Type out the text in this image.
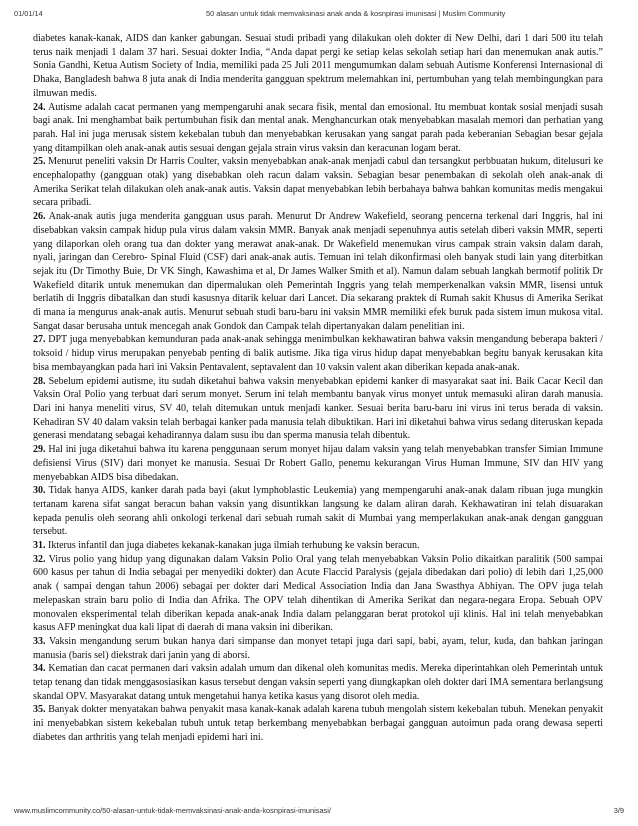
01/01/14	50 alasan untuk tidak memvaksinasi anak anda & kosnpirasi imunisasi | Muslim Community

diabetes kanak-kanak, AIDS dan kanker gabungan. Sesuai studi pribadi yang dilakukan oleh dokter di New Delhi, dari 1 dari 500 itu telah terus naik menjadi 1 dalam 37 hari. Sesuai dokter India, “Anda dapat pergi ke setiap kelas sekolah setiap hari dan menemukan anak autis.” Sonia Gandhi, Ketua Autism Society of India, memiliki pada 25 Juli 2011 mengumumkan dalam sebuah Autisme Konferensi Internasional di Dhaka, Bangladesh bahwa 8 juta anak di India menderita gangguan spektrum melemahkan ini, pertumbuhan yang telah membingungkan para ilmuwan medis.

24. Autisme adalah cacat permanen yang mempengaruhi anak secara fisik, mental dan emosional. Itu membuat kontak sosial menjadi susah bagi anak. Ini menghambat baik pertumbuhan fisik dan mental anak. Menghancurkan otak menyebabkan masalah memori dan perhatian yang parah. Hal ini juga merusak sistem kekebalan tubuh dan menyebabkan kerusakan yang sangat parah pada keberanian Sebagian besar gejala yang ditampilkan oleh anak-anak autis sesuai dengan gejala strain virus vaksin dan keracunan logam berat.

25. Menurut peneliti vaksin Dr Harris Coulter, vaksin menyebabkan anak-anak menjadi cabul dan tersangkut perbbuatan hukum, ditelusuri ke encephalopathy (gangguan otak) yang disebabkan oleh racun dalam vaksin. Sebagian besar penembakan di sekolah oleh anak-anak di Amerika Serikat telah dilakukan oleh anak-anak autis. Vaksin dapat menyebabkan lebih berbahaya bahwa bahkan komunitas medis mengakui secara pribadi.

26. Anak-anak autis juga menderita gangguan usus parah. Menurut Dr Andrew Wakefield, seorang pencerna terkenal dari Inggris, hal ini disebabkan vaksin campak hidup pula virus dalam vaksin MMR. Banyak anak menjadi sepenuhnya autis setelah diberi vaksin MMR, seperti yang dilaporkan oleh orang tua dan dokter yang merawat anak-anak. Dr Wakefield menemukan virus campak strain vaksin dalam darah, nyali, jaringan dan Cerebro- Spinal Fluid (CSF) dari anak-anak autis. Temuan ini telah dikonfirmasi oleh banyak studi lain yang diterbitkan sejak itu (Dr Timothy Buie, Dr VK Singh, Kawashima et al, Dr James Walker Smith et al). Namun dalam sebuah langkah bermotif politik Dr Wakefield ditarik untuk menemukan dan dipermalukan oleh Pemerintah Inggris yang telah memperkenalkan vaksin MMR, lisensi untuk berlatih di Inggris dibatalkan dan studi kasusnya ditarik keluar dari Lancet. Dia sekarang praktek di Rumah sakit Khusus di Amerika Serikat di mana ia mengurus anak-anak autis. Menurut sebuah studi baru-baru ini vaksin MMR memiliki efek buruk pada sistem imun mukosa vital. Sangat dasar berusaha untuk mencegah anak Gondok dan Campak telah dipertanyakan dalam penelitian ini.

27. DPT juga menyebabkan kemunduran pada anak-anak sehingga menimbulkan kekhawatiran bahwa vaksin mengandung beberapa bakteri / toksoid / hidup virus merupakan penyebab penting di balik autisme. Jika tiga virus hidup dapat menyebabkan begitu banyak kerusakan kita bisa membayangkan pada hari ini Vaksin Pentavalent, septavalent dan 10 vaksin valent akan diberikan kepada anak-anak.

28. Sebelum epidemi autisme, itu sudah diketahui bahwa vaksin menyebabkan epidemi kanker di masyarakat saat ini. Baik Cacar Kecil dan Vaksin Oral Polio yang terbuat dari serum monyet. Serum ini telah membantu banyak virus monyet untuk memasuki aliran darah manusia. Dari ini hanya meneliti virus, SV 40, telah ditemukan untuk menjadi kanker. Sesuai berita baru-baru ini virus ini terus berada di vaksin. Kehadiran SV 40 dalam vaksin telah berbagai kanker pada manusia telah dibuktikan. Hari ini diketahui bahwa virus sedang diteruskan kepada generasi mendatang sebagai kehadirannya dalam susu ibu dan sperma manusia telah dibentuk.

29. Hal ini juga diketahui bahwa itu karena penggunaan serum monyet hijau dalam vaksin yang telah menyebabkan transfer Simian Immune defisiensi Virus (SIV) dari monyet ke manusia. Sesuai Dr Robert Gallo, penemu kekurangan Virus Human Immune, SIV dan HIV yang menyebabkan AIDS bisa dibedakan.

30. Tidak hanya AIDS, kanker darah pada bayi (akut lymphoblastic Leukemia) yang mempengaruhi anak-anak dalam ribuan juga mungkin tertanam karena sifat sangat beracun bahan vaksin yang disuntikkan langsung ke dalam aliran darah. Kekhawatiran ini telah disuarakan kepada penulis oleh seorang ahli onkologi terkenal dari sebuah rumah sakit di Mumbai yang memperlakukan anak-anak dengan gangguan tersebut.

31. Ikterus infantil dan juga diabetes kekanak-kanakan juga ilmiah terhubung ke vaksin beracun.

32. Virus polio yang hidup yang digunakan dalam Vaksin Polio Oral yang telah menyebabkan Vaksin Polio dikaitkan paralitik (500 sampai 600 kasus per tahun di India sebagai per menyediki dokter) dan Acute Flaccid Paralysis (gejala dibedakan dari polio) di lebih dari 1,25,000 anak ( sampai dengan tahun 2006) sebagai per dokter dari Medical Association India dan Jana Swasthya Abhiyan. The OPV juga telah melepaskan strain baru polio di India dan Afrika. The OPV telah dihentikan di Amerika Serikat dan negara-negara Eropa. Sebuah OPV monovalen eksperimental telah diberikan kepada anak-anak India dalam pelanggaran berat protokol uji klinis. Hal ini telah menyebabkan kasus AFP meningkat dua kali lipat di daerah di mana vaksin ini diberikan.

33. Vaksin mengandung serum bukan hanya dari simpanse dan monyet tetapi juga dari sapi, babi, ayam, telur, kuda, dan bahkan jaringan manusia (baris sel) diekstrak dari janin yang di aborsi.

34. Kematian dan cacat permanen dari vaksin adalah umum dan dikenal oleh komunitas medis. Mereka diperintahkan oleh Pemerintah untuk tetap tenang dan tidak menggasosiasikan kasus tersebut dengan vaksin seperti yang diungkapkan oleh dokter dari IMA sementara berlangsung skandal OPV. Masyarakat datang untuk mengetahui hanya ketika kasus yang disorot oleh media.

35. Banyak dokter menyatakan bahwa penyakit masa kanak-kanak adalah karena tubuh mengolah sistem kekebalan tubuh. Menekan penyakit ini menyebabkan sistem kekebalan tubuh untuk tetap berkembang menyebabkan berbagai gangguan autoimun pada orang dewasa seperti diabetes dan arthritis yang telah menjadi epidemi hari ini.

www.muslimcommunity.co/50-alasan-untuk-tidak-memvaksinasi-anak-anda-kosnpirasi-imunisasi/	3/9
